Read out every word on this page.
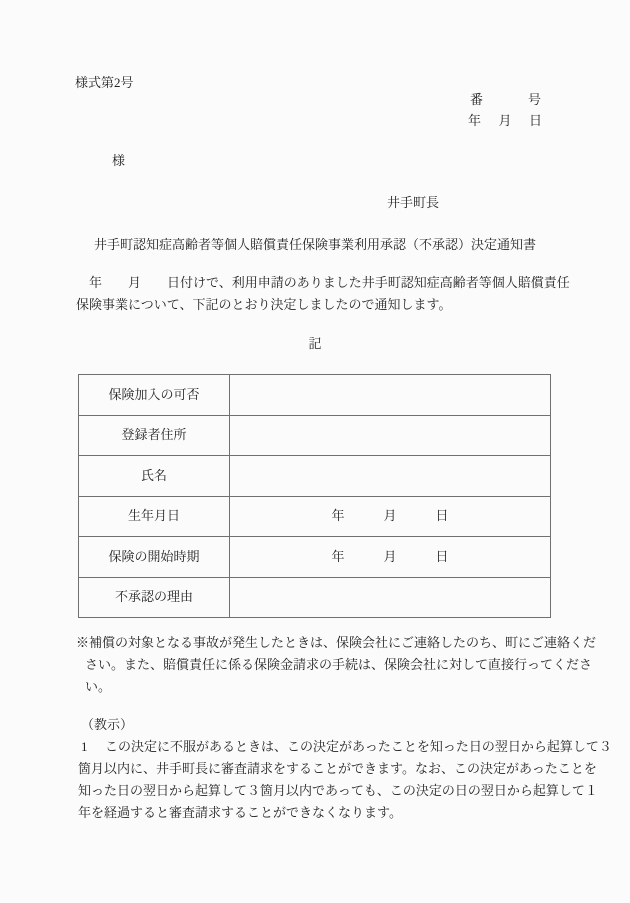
様式第2号
番	号
年 月 日
様
井手町長
井手町認知症高齢者等個人賠償責任保険事業利用承認（不承認）決定通知書
　年　　月　　日付けで、利用申請のありました井手町認知症高齢者等個人賠償責任
保険事業について、下記のとおり決定しましたので通知します。
記
保険加入の可否	
登録者住所	
氏名	
生年月日	年　　　月　　　日
保険の開始時期	年　　　月　　　日
不承認の理由	
※補償の対象となる事故が発生したときは、保険会社にご連絡したのち、町にご連絡くだ
さい。また、賠償責任に係る保険金請求の手続は、保険会社に対して直接行ってくださ
い。
（教示）
1	この決定に不服があるときは、この決定があったことを知った日の翌日から起算して３
箇月以内に、井手町長に審査請求をすることができます。なお、この決定があったことを
知った日の翌日から起算して３箇月以内であっても、この決定の日の翌日から起算して１
年を経過すると審査請求することができなくなります。
